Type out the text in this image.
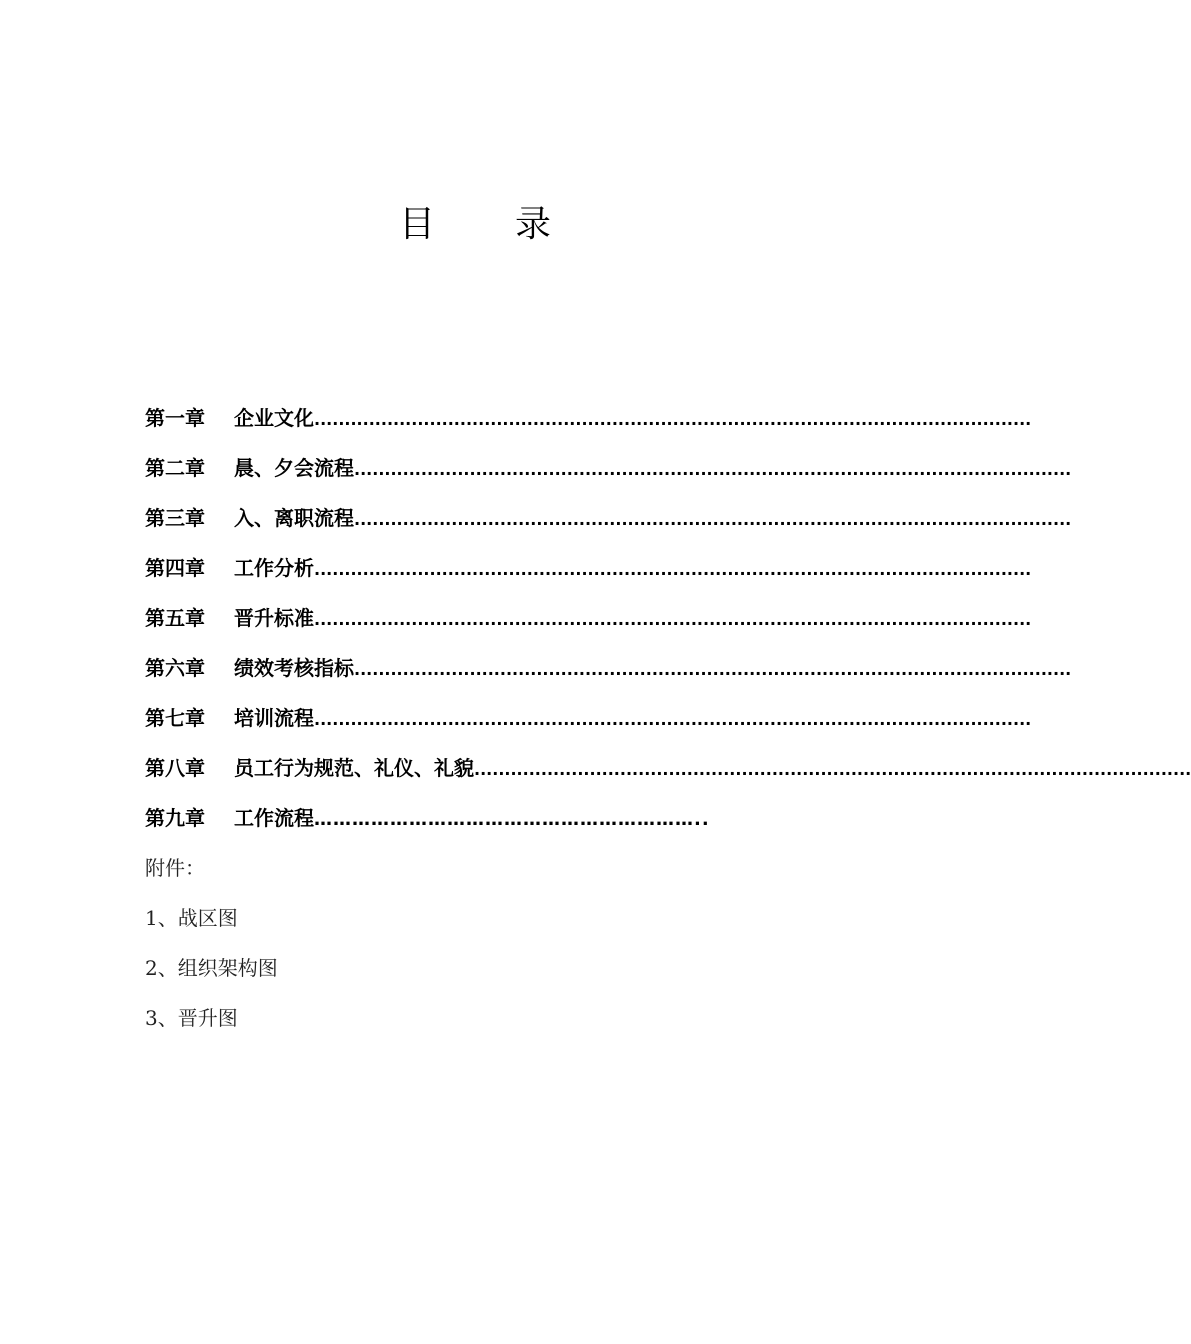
目 录
第一章	企业文化 ......................................................................................................................
第二章	晨、夕会流程 ......................................................................................................................
第三章	入、离职流程 ......................................................................................................................
第四章	工作分析 ......................................................................................................................
第五章	晋升标准 ......................................................................................................................
第六章	绩效考核指标 ......................................................................................................................
第七章	培训流程 ......................................................................................................................
第八章	员工行为规范、礼仪、礼貌 ......................................................................................................................
第九章	工作流程 ……………………………………………………..
附件：
1、战区图
2、组织架构图
3、晋升图
